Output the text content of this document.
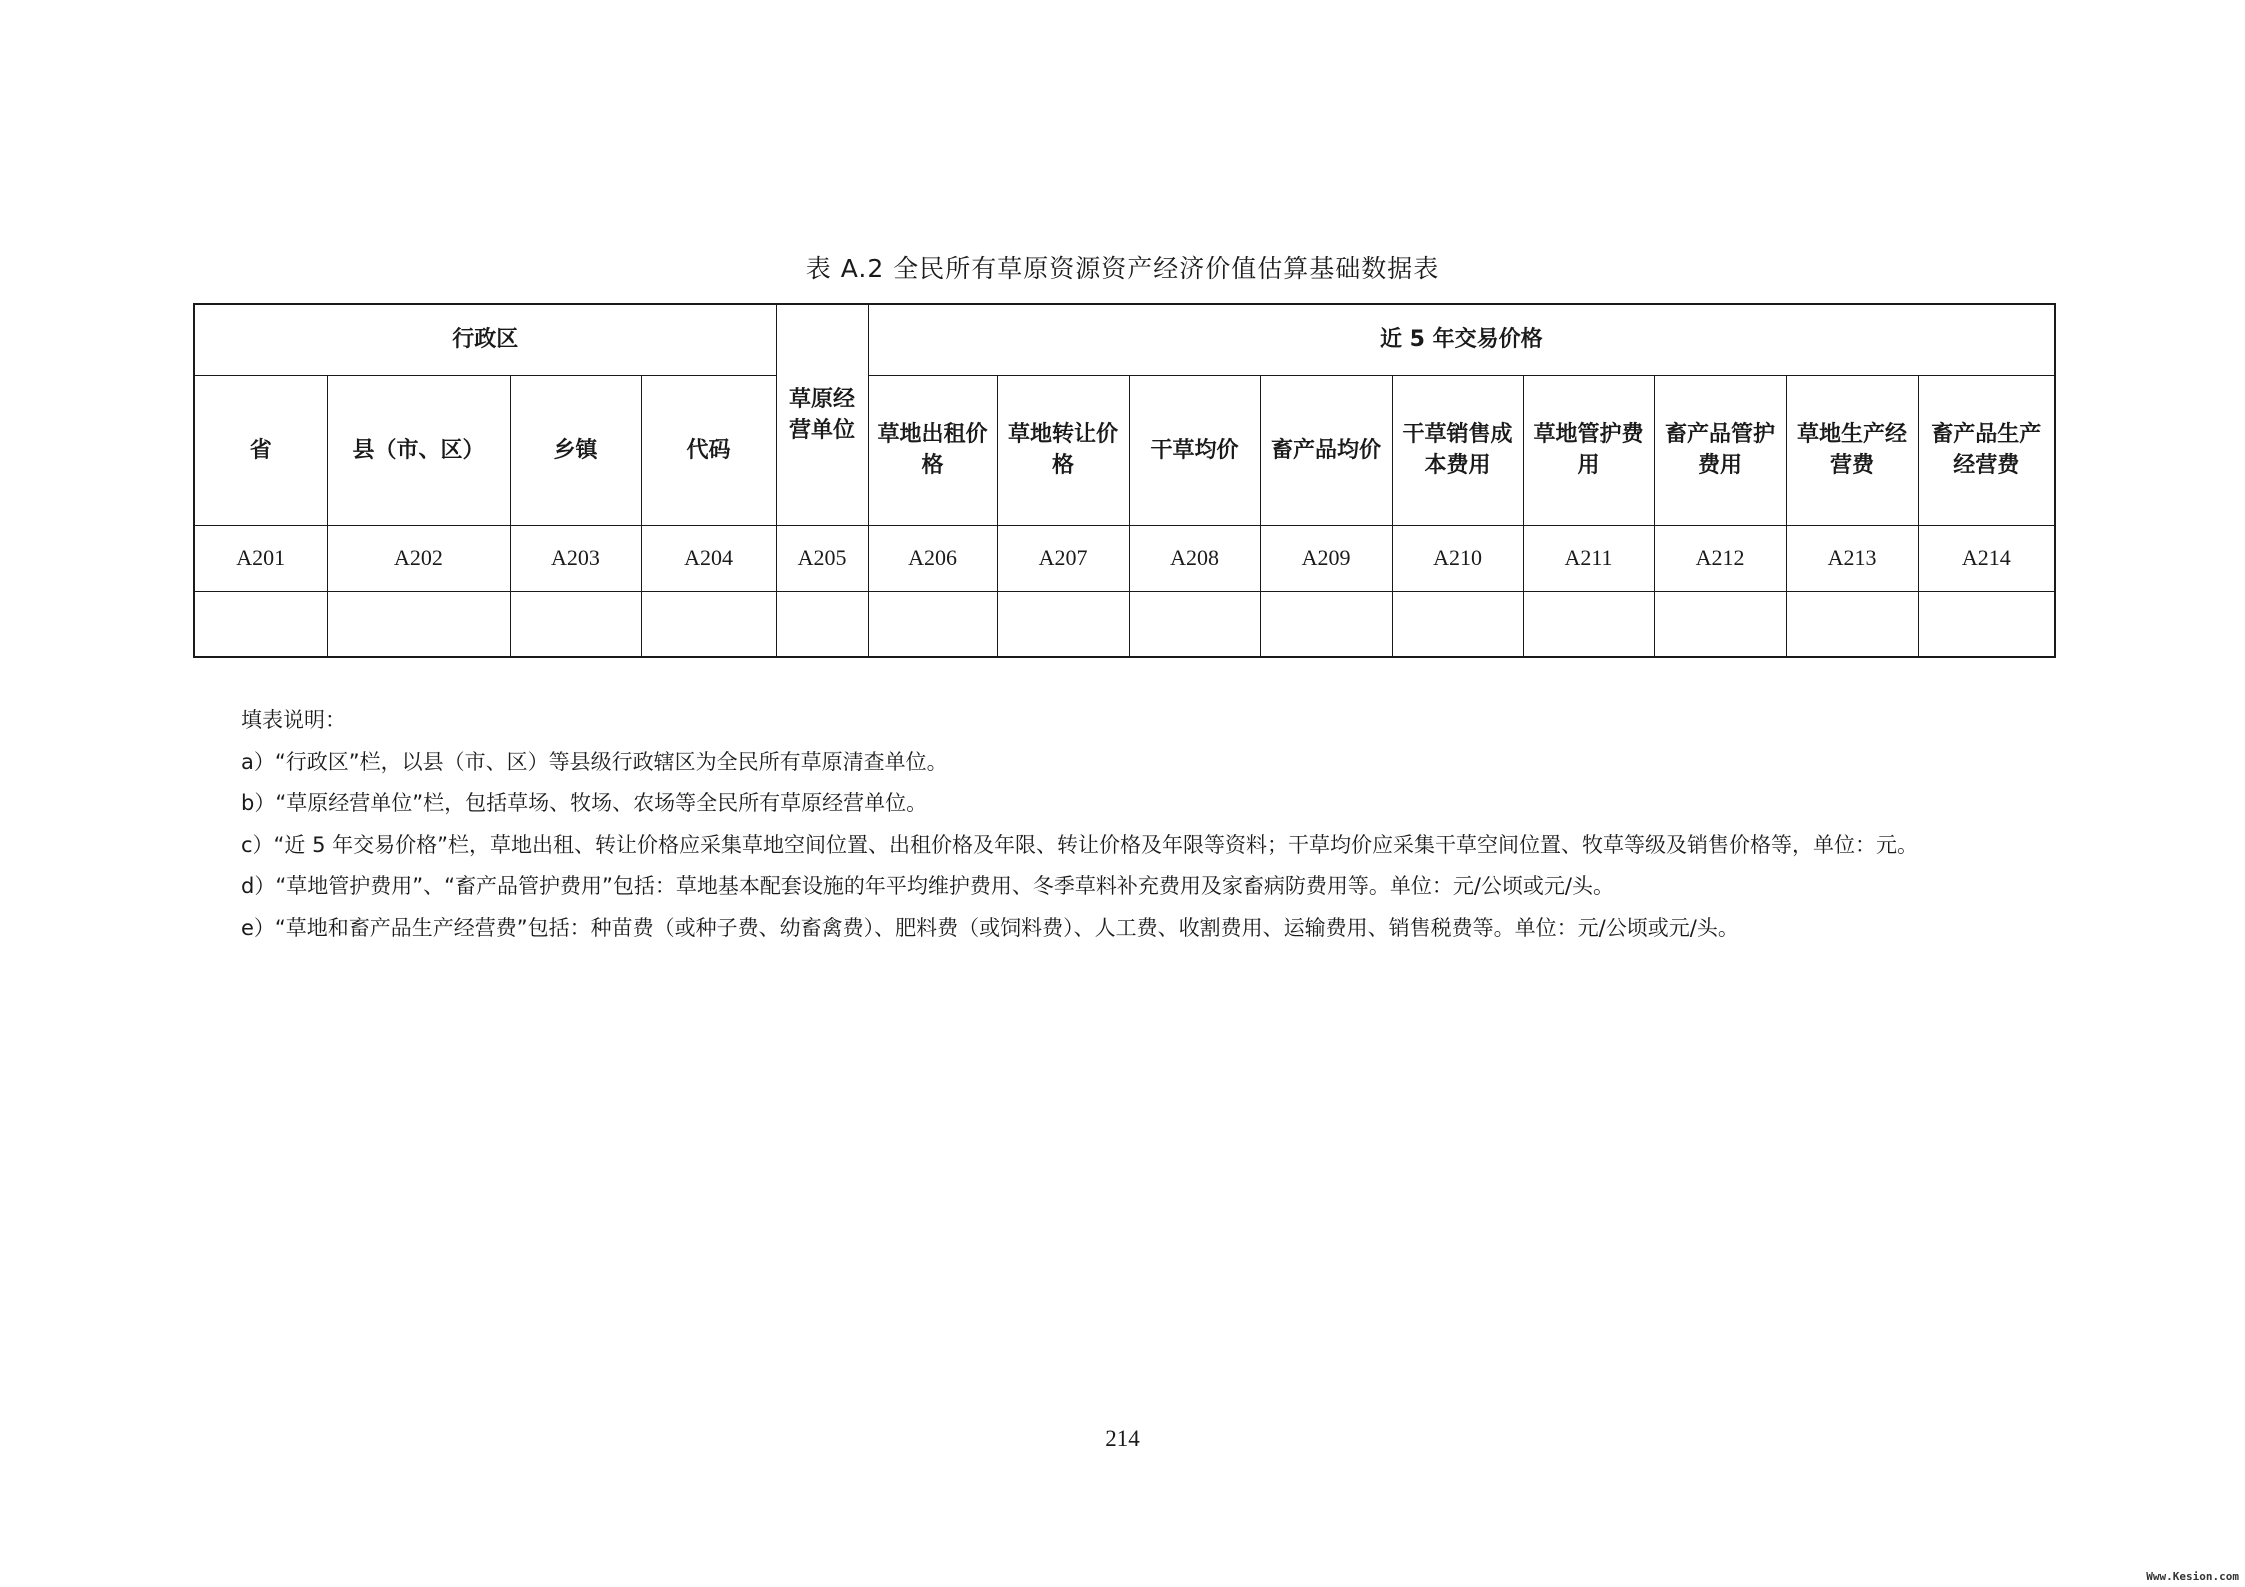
表 A.2 全民所有草原资源资产经济价值估算基础数据表
行政区				草原经营单位	近 5 年交易价格								
省	县（市、区）	乡镇	代码		草地出租价格	草地转让价格	干草均价	畜产品均价	干草销售成本费用	草地管护费用	畜产品管护费用	草地生产经营费	畜产品生产经营费
A201	A202	A203	A204	A205	A206	A207	A208	A209	A210	A211	A212	A213	A214

填表说明：

a）“行政区”栏，以县（市、区）等县级行政辖区为全民所有草原清查单位。

b）“草原经营单位”栏，包括草场、牧场、农场等全民所有草原经营单位。

c）“近 5 年交易价格”栏，草地出租、转让价格应采集草地空间位置、出租价格及年限、转让价格及年限等资料；干草均价应采集干草空间位置、牧草等级及销售价格等，单位：元。

d）“草地管护费用”、“畜产品管护费用”包括：草地基本配套设施的年平均维护费用、冬季草料补充费用及家畜病防费用等。单位：元/公顷或元/头。

e）“草地和畜产品生产经营费”包括：种苗费（或种子费、幼畜禽费）、肥料费（或饲料费）、人工费、收割费用、运输费用、销售税费等。单位：元/公顷或元/头。

214
Www.Kesion.com
